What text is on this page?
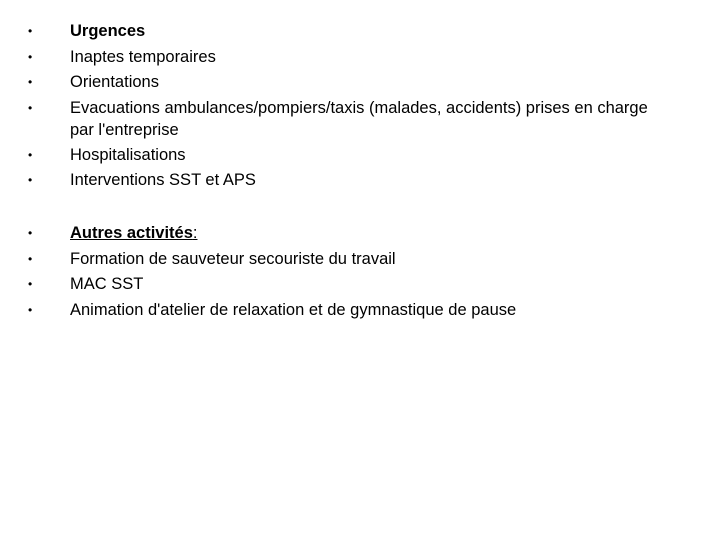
•	Urgences
•	Inaptes temporaires
•	Orientations
•	Evacuations ambulances/pompiers/taxis (malades, accidents) prises en charge par l'entreprise
•	Hospitalisations
•	Interventions SST et APS
•	Autres activités:
•	Formation de sauveteur secouriste du travail
•	MAC SST
•	Animation d'atelier de relaxation et de gymnastique de pause
